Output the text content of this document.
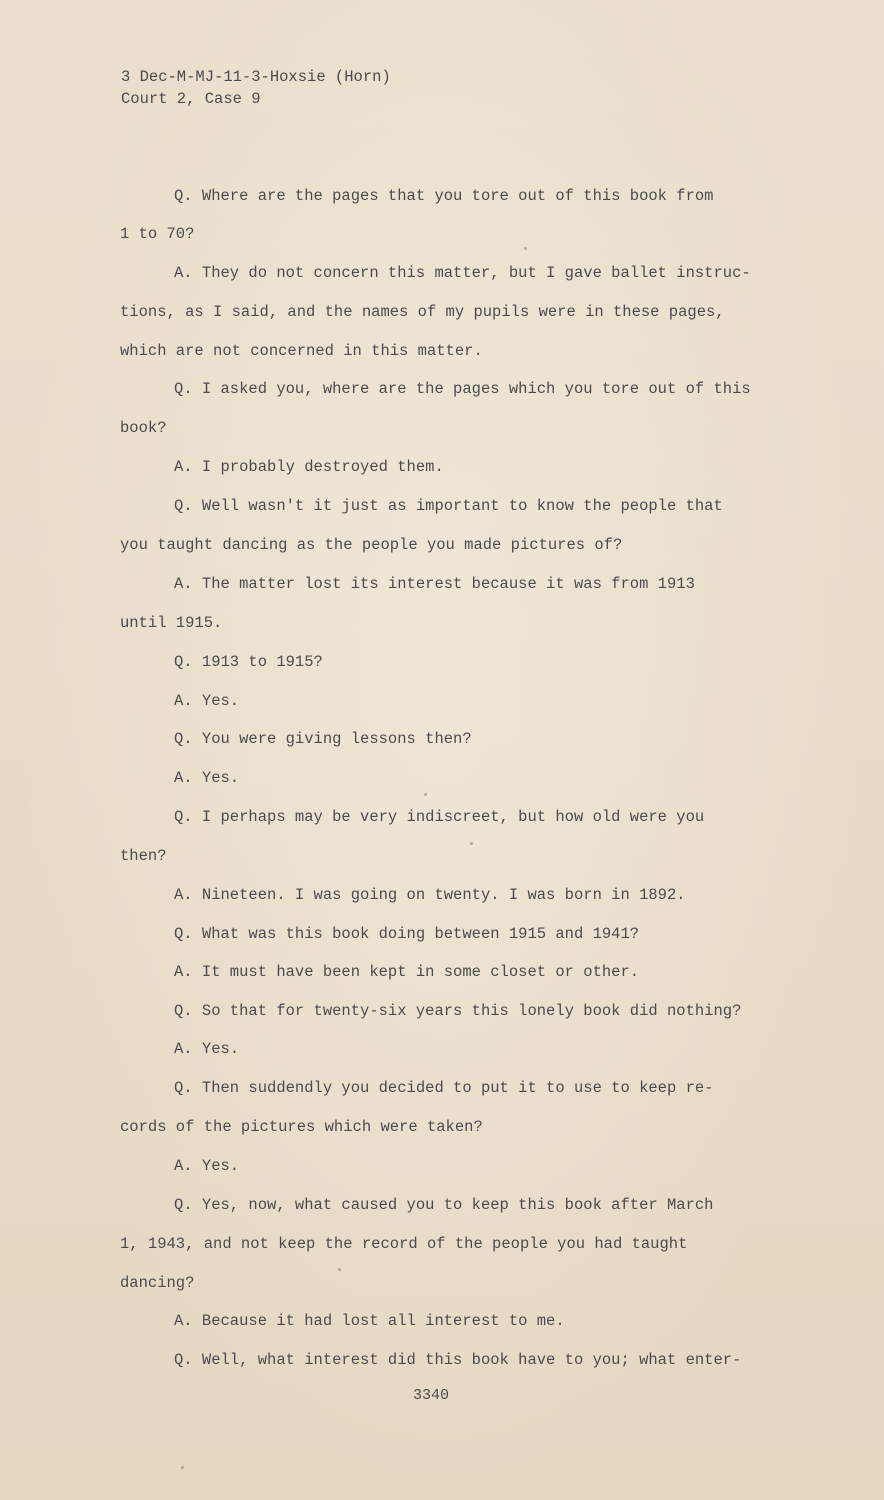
3 Dec-M-MJ-11-3-Hoxsie (Horn)
Court 2, Case 9
Q. Where are the pages that you tore out of this book from
1 to 70?
A. They do not concern this matter, but I gave ballet instruc-
tions, as I said, and the names of my pupils were in these pages,
which are not concerned in this matter.
Q. I asked you, where are the pages which you tore out of this
book?
A. I probably destroyed them.
Q. Well wasn't it just as important to know the people that
you taught dancing as the people you made pictures of?
A. The matter lost its interest because it was from 1913
until 1915.
Q. 1913 to 1915?
A. Yes.
Q. You were giving lessons then?
A. Yes.
Q. I perhaps may be very indiscreet, but how old were you
then?
A. Nineteen. I was going on twenty. I was born in 1892.
Q. What was this book doing between 1915 and 1941?
A. It must have been kept in some closet or other.
Q. So that for twenty-six years this lonely book did nothing?
A. Yes.
Q. Then suddendly you decided to put it to use to keep re-
cords of the pictures which were taken?
A. Yes.
Q. Yes, now, what caused you to keep this book after March
1, 1943, and not keep the record of the people you had taught
dancing?
A. Because it had lost all interest to me.
Q. Well, what interest did this book have to you; what enter-
3340
